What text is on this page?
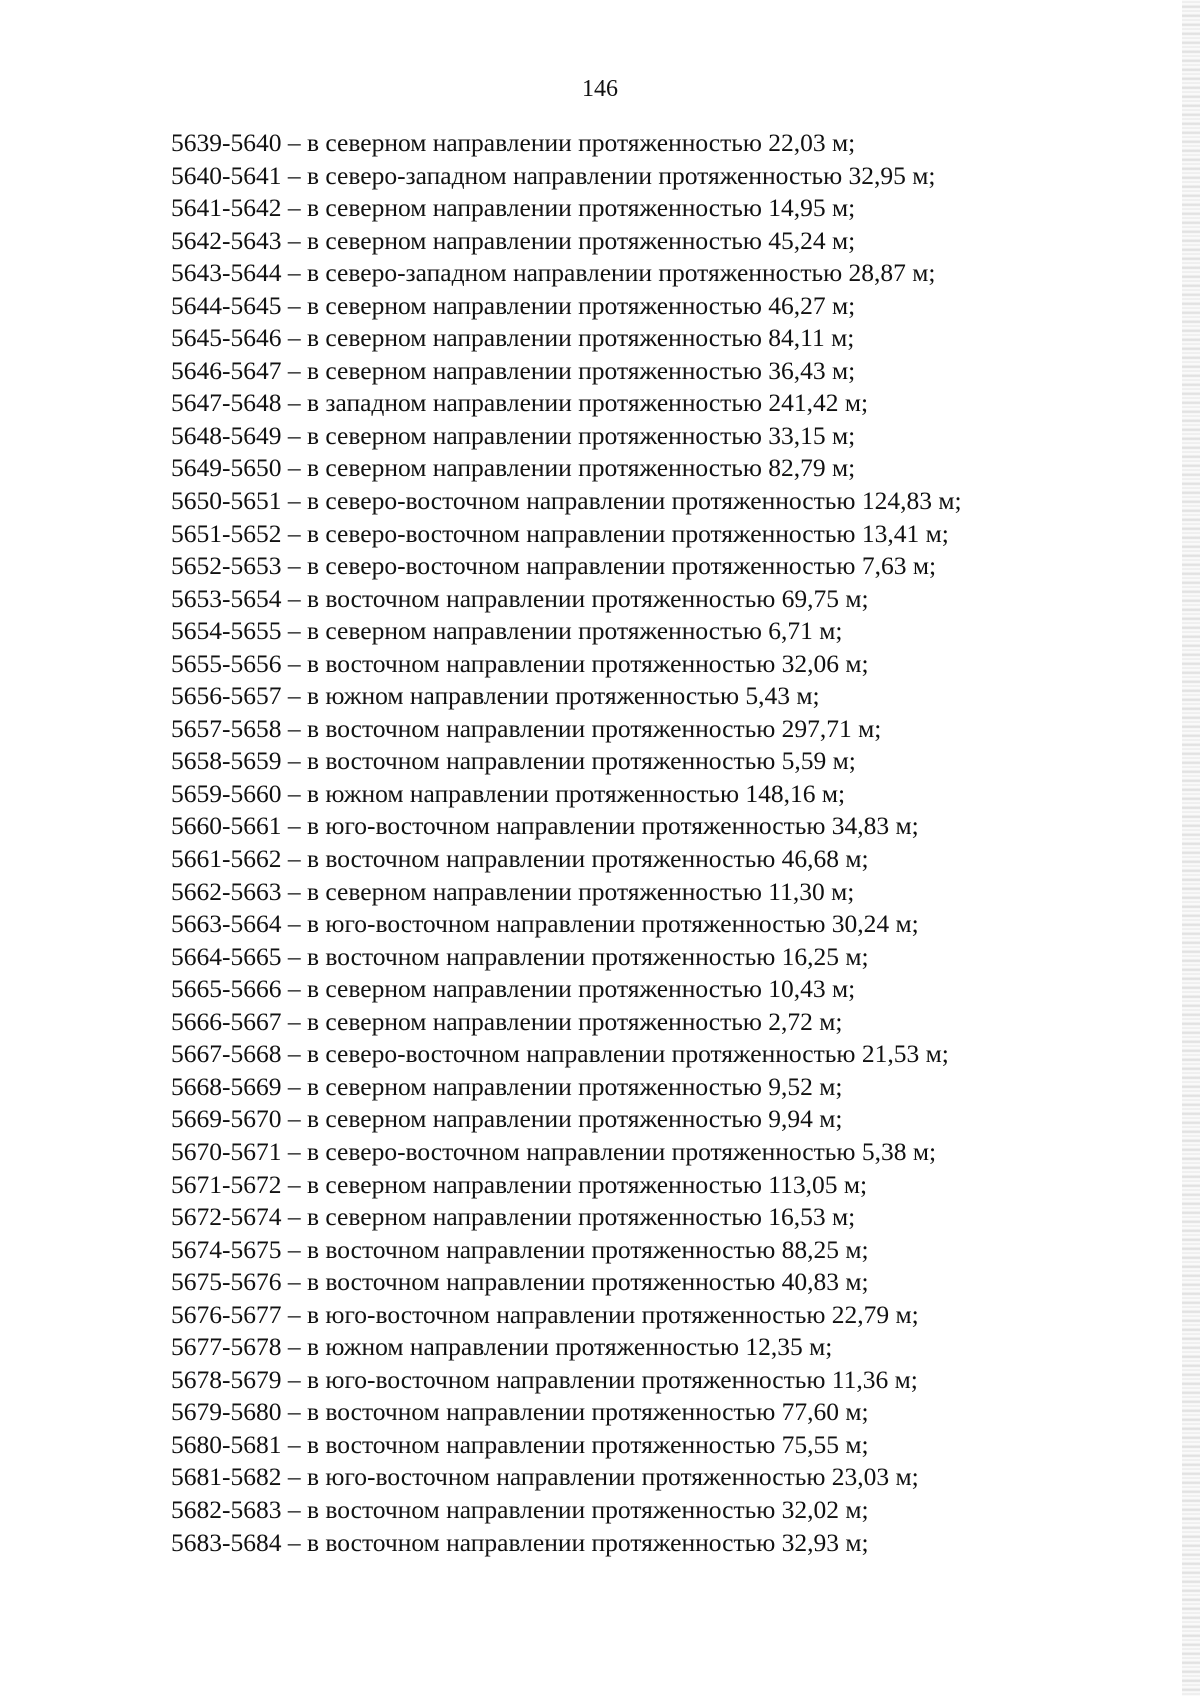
146
5639-5640 – в северном направлении протяженностью 22,03 м;
5640-5641 – в северо-западном направлении протяженностью 32,95 м;
5641-5642 – в северном направлении протяженностью 14,95 м;
5642-5643 – в северном направлении протяженностью 45,24 м;
5643-5644 – в северо-западном направлении протяженностью 28,87 м;
5644-5645 – в северном направлении протяженностью 46,27 м;
5645-5646 – в северном направлении протяженностью 84,11 м;
5646-5647 – в северном направлении протяженностью 36,43 м;
5647-5648 – в западном направлении протяженностью 241,42 м;
5648-5649 – в северном направлении протяженностью 33,15 м;
5649-5650 – в северном направлении протяженностью 82,79 м;
5650-5651 – в северо-восточном направлении протяженностью 124,83 м;
5651-5652 – в северо-восточном направлении протяженностью 13,41 м;
5652-5653 – в северо-восточном направлении протяженностью 7,63 м;
5653-5654 – в восточном направлении протяженностью 69,75 м;
5654-5655 – в северном направлении протяженностью 6,71 м;
5655-5656 – в восточном направлении протяженностью 32,06 м;
5656-5657 – в южном направлении протяженностью 5,43 м;
5657-5658 – в восточном направлении протяженностью 297,71 м;
5658-5659 – в восточном направлении протяженностью 5,59 м;
5659-5660 – в южном направлении протяженностью 148,16 м;
5660-5661 – в юго-восточном направлении протяженностью 34,83 м;
5661-5662 – в восточном направлении протяженностью 46,68 м;
5662-5663 – в северном направлении протяженностью 11,30 м;
5663-5664 – в юго-восточном направлении протяженностью 30,24 м;
5664-5665 – в восточном направлении протяженностью 16,25 м;
5665-5666 – в северном направлении протяженностью 10,43 м;
5666-5667 – в северном направлении протяженностью 2,72 м;
5667-5668 – в северо-восточном направлении протяженностью 21,53 м;
5668-5669 – в северном направлении протяженностью 9,52 м;
5669-5670 – в северном направлении протяженностью 9,94 м;
5670-5671 – в северо-восточном направлении протяженностью 5,38 м;
5671-5672 – в северном направлении протяженностью 113,05 м;
5672-5674 – в северном направлении протяженностью 16,53 м;
5674-5675 – в восточном направлении протяженностью 88,25 м;
5675-5676 – в восточном направлении протяженностью 40,83 м;
5676-5677 – в юго-восточном направлении протяженностью 22,79 м;
5677-5678 – в южном направлении протяженностью 12,35 м;
5678-5679 – в юго-восточном направлении протяженностью 11,36 м;
5679-5680 – в восточном направлении протяженностью 77,60 м;
5680-5681 – в восточном направлении протяженностью 75,55 м;
5681-5682 – в юго-восточном направлении протяженностью 23,03 м;
5682-5683 – в восточном направлении протяженностью 32,02 м;
5683-5684 – в восточном направлении протяженностью 32,93 м;
